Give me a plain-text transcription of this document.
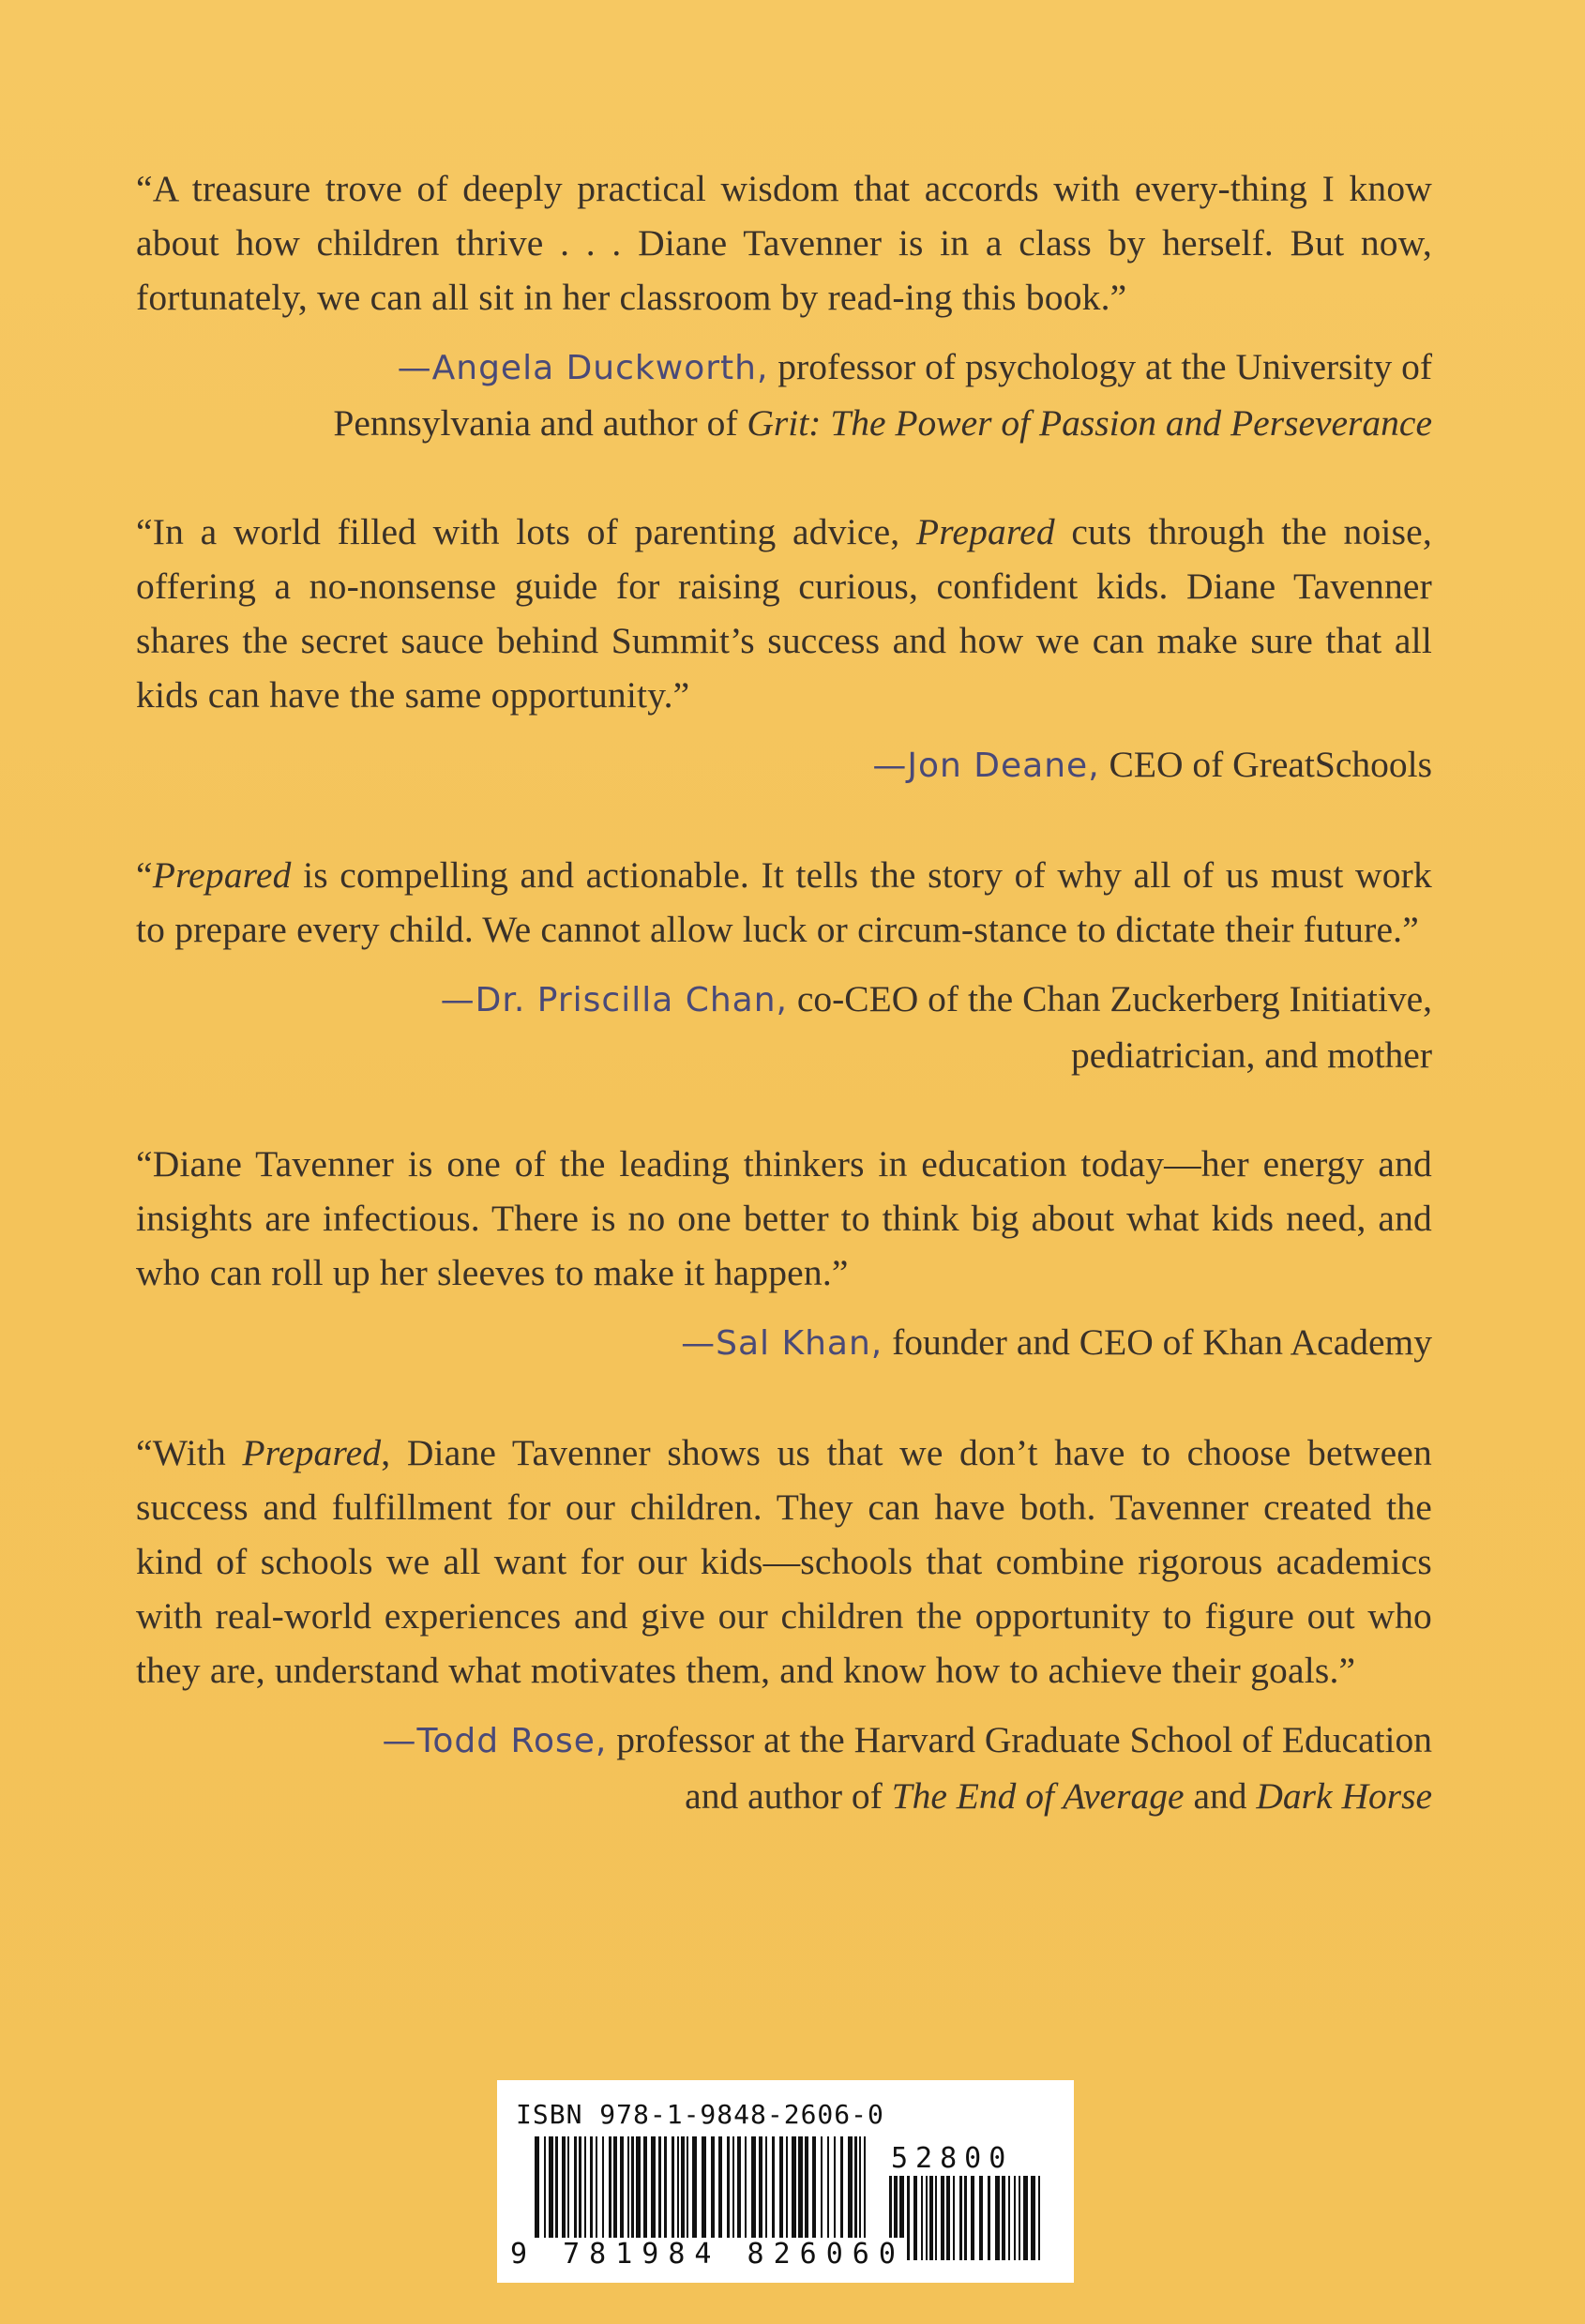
“A treasure trove of deeply practical wisdom that accords with every-thing I know about how children thrive . . . Diane Tavenner is in a class by herself. But now, fortunately, we can all sit in her classroom by read-ing this book.”

—Angela Duckworth, professor of psychology at the University of
Pennsylvania and author of Grit: The Power of Passion and Perseverance

“In a world filled with lots of parenting advice, Prepared cuts through the noise, offering a no-nonsense guide for raising curious, confident kids. Diane Tavenner shares the secret sauce behind Summit’s success and how we can make sure that all kids can have the same opportunity.”

—Jon Deane, CEO of GreatSchools

“Prepared is compelling and actionable. It tells the story of why all of us must work to prepare every child. We cannot allow luck or circum-stance to dictate their future.”

—Dr. Priscilla Chan, co-CEO of the Chan Zuckerberg Initiative,
pediatrician, and mother

“Diane Tavenner is one of the leading thinkers in education today—her energy and insights are infectious. There is no one better to think big about what kids need, and who can roll up her sleeves to make it happen.”

—Sal Khan, founder and CEO of Khan Academy

“With Prepared, Diane Tavenner shows us that we don’t have to choose between success and fulfillment for our children. They can have both. Tavenner created the kind of schools we all want for our kids—schools that combine rigorous academics with real-world experiences and give our children the opportunity to figure out who they are, understand what motivates them, and know how to achieve their goals.”

—Todd Rose, professor at the Harvard Graduate School of Education
and author of The End of Average and Dark Horse

ISBN 978-1-9848-2606-0
52800
9 781984 826060
